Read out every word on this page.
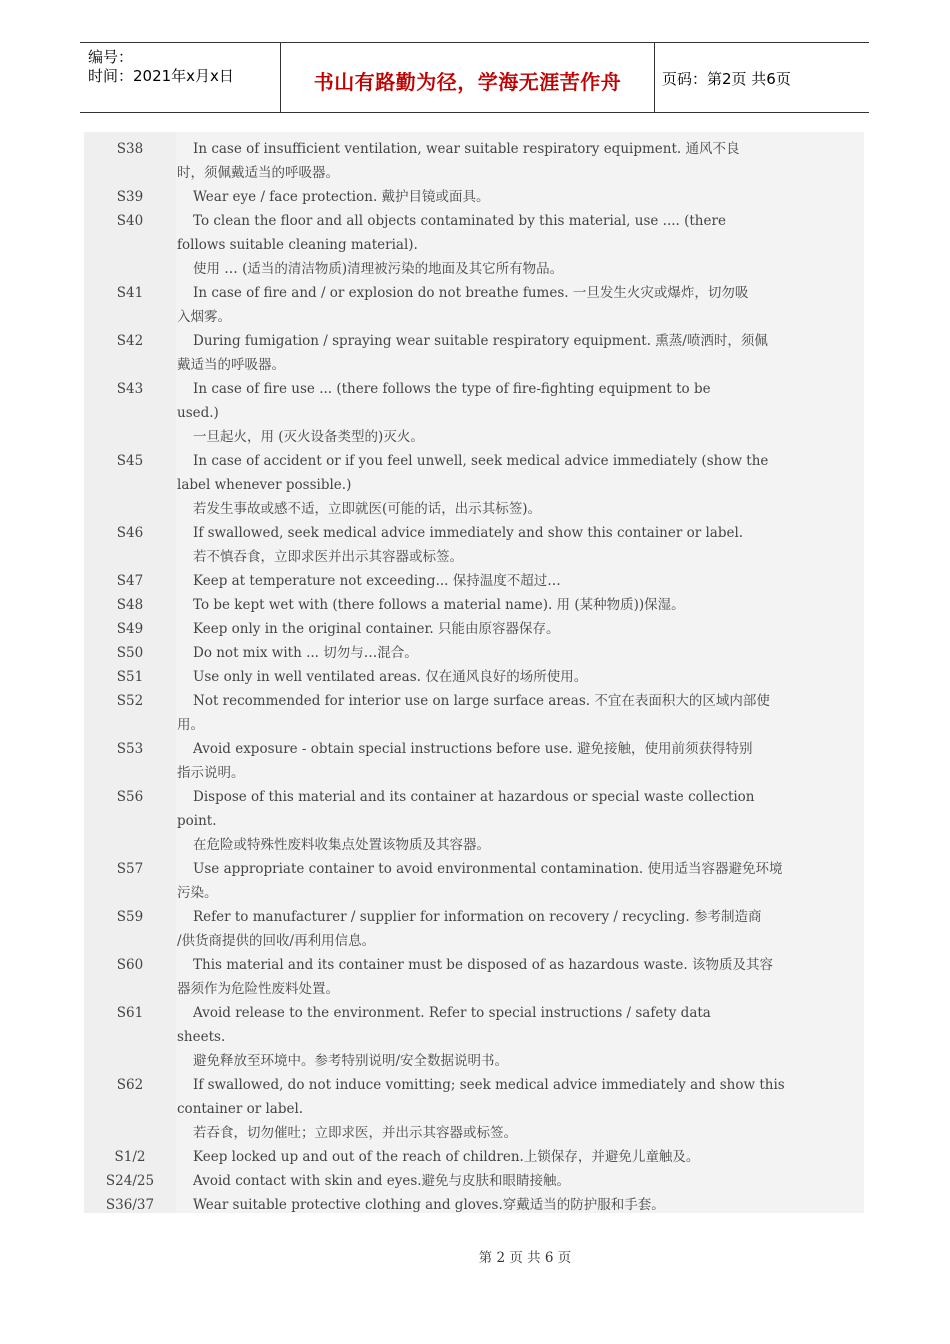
编号：
时间：2021年x月x日	书山有路勤为径，学海无涯苦作舟	页码：第2页 共6页
S38	In case of insufficient ventilation, wear suitable respiratory equipment. 通风不良
时，须佩戴适当的呼吸器。
S39	Wear eye / face protection. 戴护目镜或面具。
S40	To clean the floor and all objects contaminated by this material, use .... (there
follows suitable cleaning material).
使用 … (适当的清洁物质)清理被污染的地面及其它所有物品。
S41	In case of fire and / or explosion do not breathe fumes. 一旦发生火灾或爆炸，切勿吸
入烟雾。
S42	During fumigation / spraying wear suitable respiratory equipment. 熏蒸/喷洒时，须佩
戴适当的呼吸器。
S43	In case of fire use ... (there follows the type of fire-fighting equipment to be
used.)
一旦起火，用 (灭火设备类型的)灭火。
S45	In case of accident or if you feel unwell, seek medical advice immediately (show the
label whenever possible.)
若发生事故或感不适，立即就医(可能的话，出示其标签)。
S46	If swallowed, seek medical advice immediately and show this container or label.
若不慎吞食，立即求医并出示其容器或标签。
S47	Keep at temperature not exceeding... 保持温度不超过…
S48	To be kept wet with (there follows a material name). 用 (某种物质))保湿。
S49	Keep only in the original container. 只能由原容器保存。
S50	Do not mix with ... 切勿与…混合。
S51	Use only in well ventilated areas. 仅在通风良好的场所使用。
S52	Not recommended for interior use on large surface areas. 不宜在表面积大的区域内部使
用。
S53	Avoid exposure - obtain special instructions before use. 避免接触，使用前须获得特别
指示说明。
S56	Dispose of this material and its container at hazardous or special waste collection
point.
在危险或特殊性废料收集点处置该物质及其容器。
S57	Use appropriate container to avoid environmental contamination. 使用适当容器避免环境
污染。
S59	Refer to manufacturer / supplier for information on recovery / recycling. 参考制造商
/供货商提供的回收/再利用信息。
S60	This material and its container must be disposed of as hazardous waste. 该物质及其容
器须作为危险性废料处置。
S61	Avoid release to the environment. Refer to special instructions / safety data
sheets.
避免释放至环境中。参考特别说明/安全数据说明书。
S62	If swallowed, do not induce vomitting; seek medical advice immediately and show this
container or label.
若吞食，切勿催吐；立即求医，并出示其容器或标签。
S1/2	Keep locked up and out of the reach of children.上锁保存，并避免儿童触及。
S24/25	Avoid contact with skin and eyes.避免与皮肤和眼睛接触。
S36/37	Wear suitable protective clothing and gloves.穿戴适当的防护服和手套。
第 2 页 共 6 页
